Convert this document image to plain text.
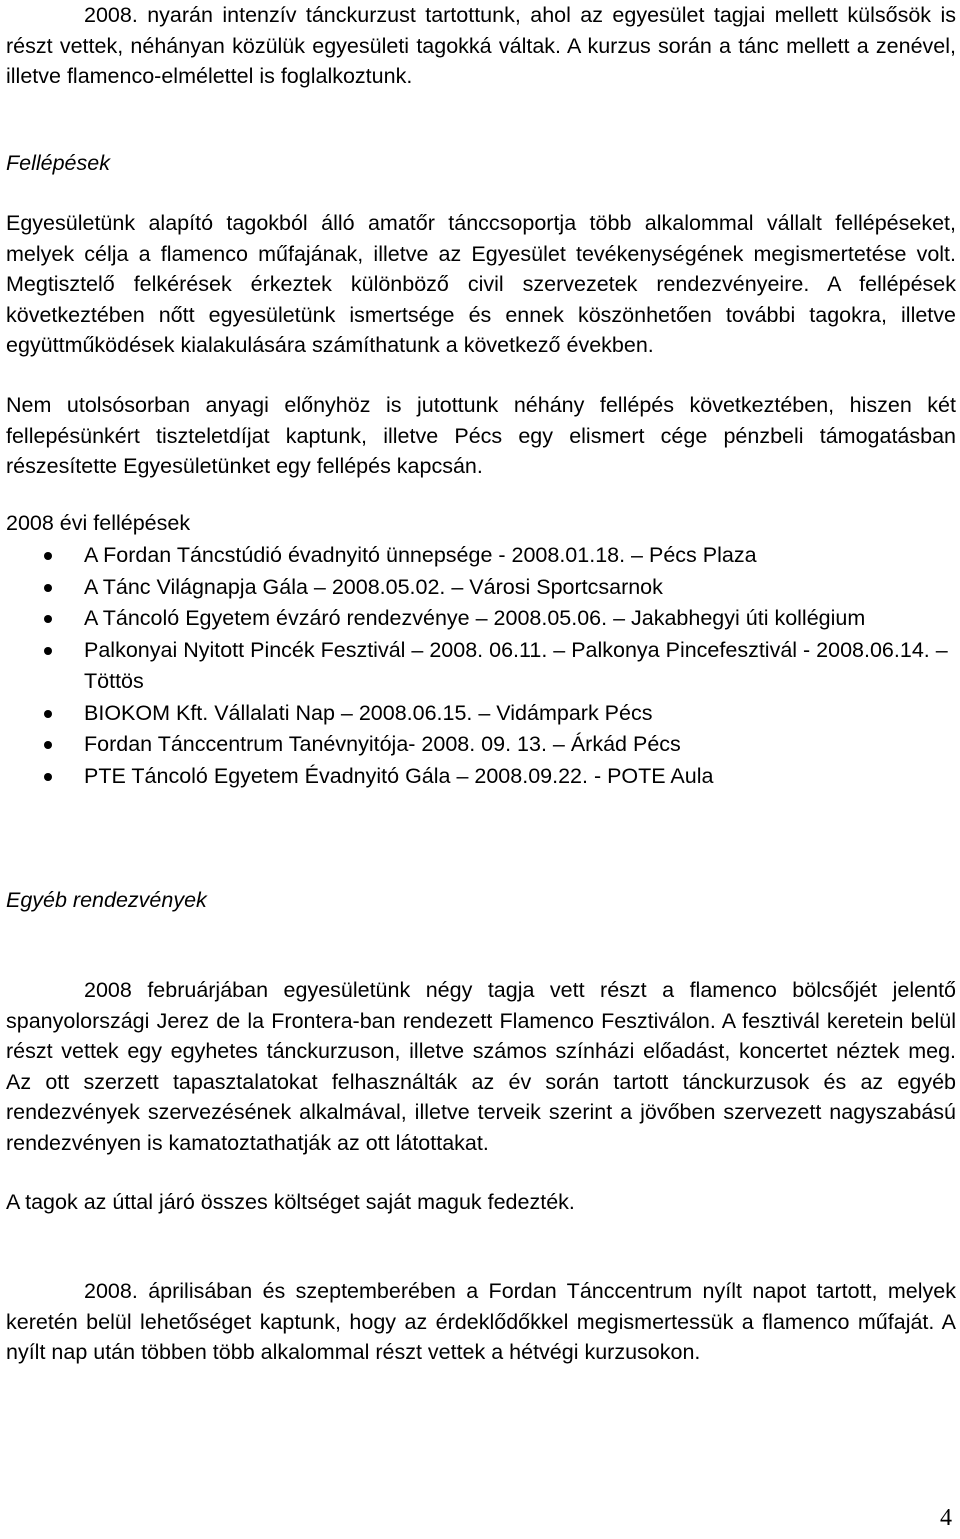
2008. nyarán intenzív tánckurzust tartottunk, ahol az egyesület tagjai mellett külsősök is részt vettek, néhányan közülük egyesületi tagokká váltak. A kurzus során a tánc mellett a zenével, illetve flamenco-elmélettel is foglalkoztunk.

Fellépések

Egyesületünk alapító tagokból álló amatőr tánccsoportja több alkalommal vállalt fellépéseket, melyek célja a flamenco műfajának, illetve az Egyesület tevékenységének megismertetése volt. Megtisztelő felkérések érkeztek különböző civil szervezetek rendezvényeire. A fellépések következtében nőtt egyesületünk ismertsége és ennek köszönhetően további tagokra, illetve együttműködések kialakulására számíthatunk a következő években.

Nem utolsósorban anyagi előnyhöz is jutottunk néhány fellépés következtében, hiszen két fellepésünkért tiszteletdíjat kaptunk, illetve Pécs egy elismert cége pénzbeli támogatásban részesítette Egyesületünket egy fellépés kapcsán.

2008 évi fellépések

A Fordan Táncstúdió évadnyitó ünnepsége - 2008.01.18. – Pécs Plaza
A Tánc Világnapja Gála – 2008.05.02. – Városi Sportcsarnok
A Táncoló Egyetem évzáró rendezvénye – 2008.05.06. – Jakabhegyi úti kollégium
Palkonyai Nyitott Pincék Fesztivál – 2008. 06.11. – Palkonya Pincefesztivál - 2008.06.14. –Töttös
BIOKOM Kft. Vállalati Nap – 2008.06.15. – Vidámpark Pécs
Fordan Tánccentrum Tanévnyitója- 2008. 09. 13. – Árkád Pécs
PTE Táncoló Egyetem Évadnyitó Gála – 2008.09.22. - POTE Aula

Egyéb rendezvények

2008 februárjában egyesületünk négy tagja vett részt a flamenco bölcsőjét jelentő spanyolországi Jerez de la Frontera-ban rendezett Flamenco Fesztiválon. A fesztivál keretein belül részt vettek egy egyhetes tánckurzuson, illetve számos színházi előadást, koncertet néztek meg. Az ott szerzett tapasztalatokat felhasználták az év során tartott tánckurzusok és az egyéb rendezvények szervezésének alkalmával, illetve terveik szerint a jövőben szervezett nagyszabású rendezvényen is kamatoztathatják az ott látottakat.

A tagok az úttal járó összes költséget saját maguk fedezték.

2008. áprilisában és szeptemberében a Fordan Tánccentrum nyílt napot tartott, melyek keretén belül lehetőséget kaptunk, hogy az érdeklődőkkel megismertessük a flamenco műfaját. A nyílt nap után többen több alkalommal részt vettek a hétvégi kurzusokon.

4
